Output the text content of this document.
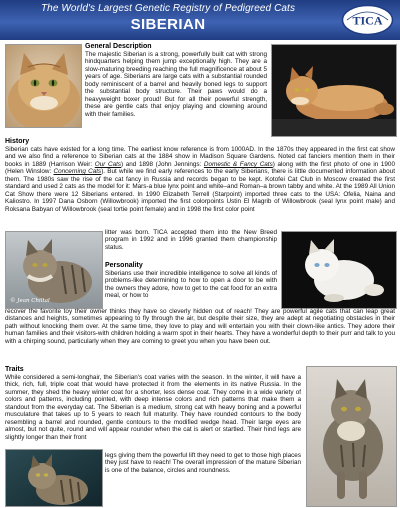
The World's Largest Genetic Registry of Pedigreed Cats
SIBERIAN	TICA
General Description

The majestic Siberian is a strong, powerfully built cat with strong hindquarters helping them jump exceptionally high. They are a slow-maturing breeding reaching the full magnificence at about 5 years of age. Siberians are large cats with a substantial rounded body reminiscent of a barrel and heavily boned legs to support the substantial body structure. Their paws would do a heavyweight boxer proud! But for all their powerful strength, these are gentle cats that enjoy playing and clowning around with their families.

History

Siberian cats have existed for a long time. The earliest know reference is from 1000AD. In the 1870s they appeared in the first cat show and we also find a reference to Siberian cats at the 1884 show in Madison Square Gardens. Noted cat fanciers mention them in their books in 1889 (Harrison Weir: Our Cats) and 1898 (John Jennings: Domestic & Fancy Cats) along with the first photo of one in 1900 (Helen Winslow: Concerning Cats). But while we find early references to the early Siberians, there is little documented information about them. The 1980s saw the rise of the cat fancy in Russia and records began to be kept. Kotofei Cat Club in Moscow created the first standard and used 2 cats as the model for it: Mars-a blue lynx point and white–and Roman–a brown tabby and white. At the 1989 All Union Cat Show there were 12 Siberians entered. In 1990 Elizabeth Terrell (Starpoint) imported three cats to the USA: Ofelia, Naina and Kaliostro. In 1997 Dana Osborn (Willowbrook) imported the first colorpoints Ustin El Magrib of Willowbrook (seal lynx point male) and Roksana Babyan of Willowbrook (seal tortie point female) and in 1998 the first color point

© Jean Chiltal

litter was born. TICA accepted them into the New Breed program in 1992 and in 1996 granted them championship status.

Personality

Siberians use their incredible intelligence to solve all kinds of problems-like determining to how to open a door to be with the owners they adore, how to get to the cat food for an extra meal, or how to

recover the favorite toy their owner thinks they have so cleverly hidden out of reach! They are powerful agile cats that can leap great distances and heights, sometimes appearing to fly through the air, but despite their size, they are adept at negotiating obstacles in their path without knocking them over. At the same time, they love to play and will entertain you with their clown-like antics. They adore their human families and their visitors-with children holding a warm spot in their hearts. They have a wonderful depth to their purr and talk to you with a chirping sound, particularly when they are coming to greet you when you have been out.

Traits

While considered a semi-longhair, the Siberian's coat varies with the season. In the winter, it will have a thick, rich, full, triple coat that would have protected it from the elements in its native Russia. In the summer, they shed the heavy winter coat for a shorter, less dense coat. They come in a wide variety of colors and patterns, including pointed, with deep intense colors and rich patterns that make them a standout from the everyday cat. The Siberian is a medium, strong cat with heavy boning and a powerful musculature that takes up to 5 years to reach full maturity. They have rounded contours to the body resembling a barrel and rounded, gentle contours to the modified wedge head. Their large eyes are almost, but not quite, round and will appear rounder when the cat is alert or startled. Their hind legs are slightly longer than their front

legs giving them the powerful lift they need to get to those high places they just have to reach! The overall impression of the mature Siberian is one of the balance, circles and roundness.
